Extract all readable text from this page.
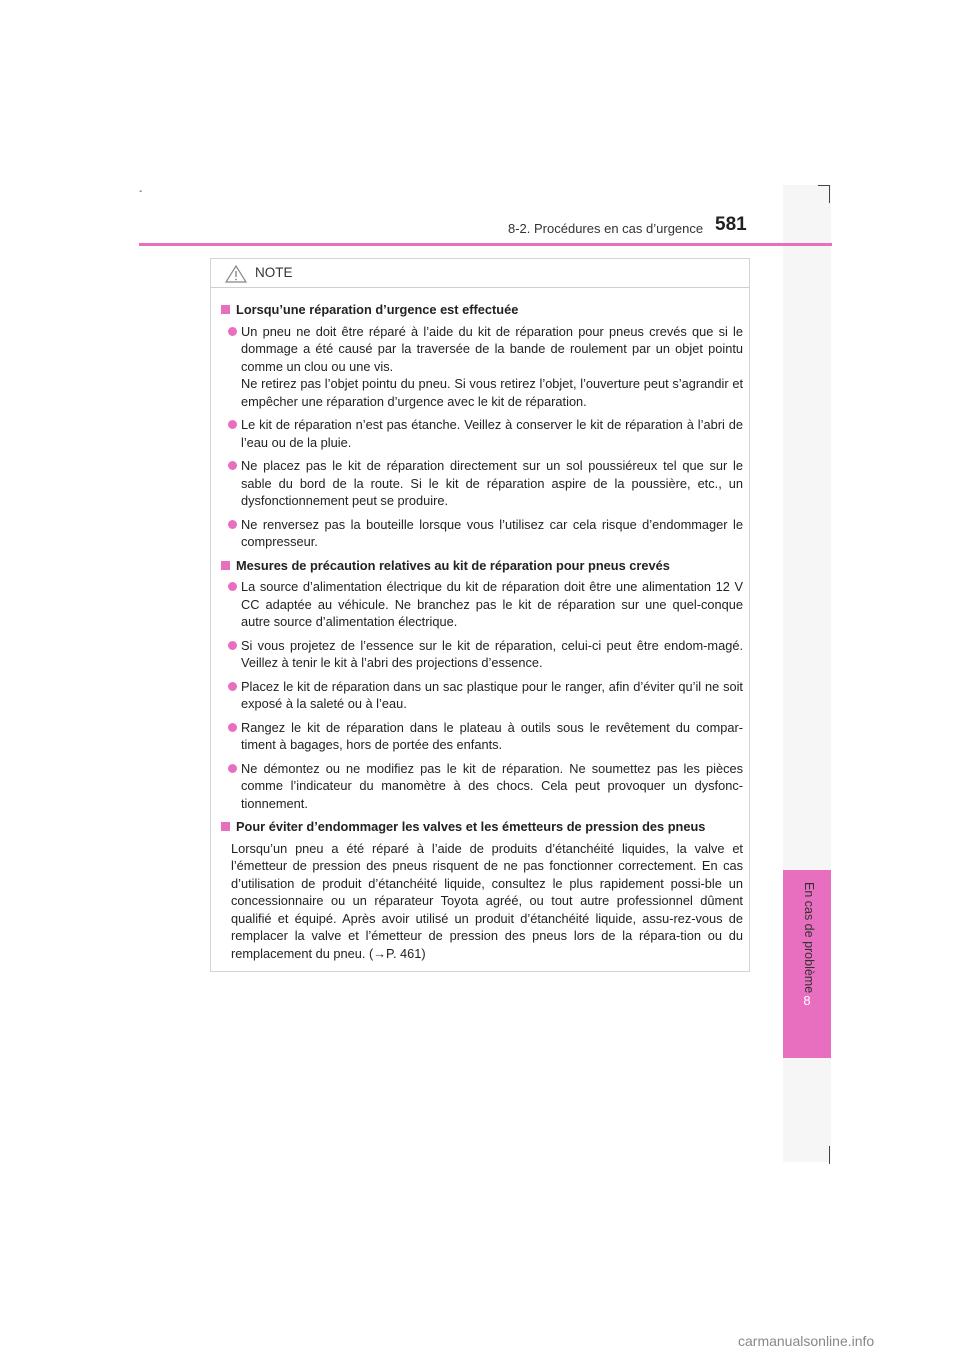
-
8
En cas de problème
8-2. Procédures en cas d’urgence 581
NOTE
Lorsqu’une réparation d’urgence est effectuée

Un pneu ne doit être réparé à l’aide du kit de réparation pour pneus crevés que si le dommage a été causé par la traversée de la bande de roulement par un objet pointu comme un clou ou une vis.

Ne retirez pas l’objet pointu du pneu. Si vous retirez l’objet, l’ouverture peut s’agrandir et empêcher une réparation d’urgence avec le kit de réparation.

Le kit de réparation n’est pas étanche. Veillez à conserver le kit de réparation à l’abri de l’eau ou de la pluie.

Ne placez pas le kit de réparation directement sur un sol poussiéreux tel que sur le sable du bord de la route. Si le kit de réparation aspire de la poussière, etc., un dysfonctionnement peut se produire.

Ne renversez pas la bouteille lorsque vous l’utilisez car cela risque d’endommager le compresseur.

Mesures de précaution relatives au kit de réparation pour pneus crevés

La source d’alimentation électrique du kit de réparation doit être une alimentation 12 V CC adaptée au véhicule. Ne branchez pas le kit de réparation sur une quel-conque autre source d’alimentation électrique.

Si vous projetez de l’essence sur le kit de réparation, celui-ci peut être endom-magé. Veillez à tenir le kit à l’abri des projections d’essence.

Placez le kit de réparation dans un sac plastique pour le ranger, afin d’éviter qu’il ne soit exposé à la saleté ou à l’eau.

Rangez le kit de réparation dans le plateau à outils sous le revêtement du compar-timent à bagages, hors de portée des enfants.

Ne démontez ou ne modifiez pas le kit de réparation. Ne soumettez pas les pièces comme l’indicateur du manomètre à des chocs. Cela peut provoquer un dysfonc-tionnement.

Pour éviter d’endommager les valves et les émetteurs de pression des pneus

Lorsqu’un pneu a été réparé à l’aide de produits d’étanchéité liquides, la valve et l’émetteur de pression des pneus risquent de ne pas fonctionner correctement. En cas d’utilisation de produit d’étanchéité liquide, consultez le plus rapidement possi-ble un concessionnaire ou un réparateur Toyota agréé, ou tout autre professionnel dûment qualifié et équipé. Après avoir utilisé un produit d’étanchéité liquide, assu-rez-vous de remplacer la valve et l’émetteur de pression des pneus lors de la répara-tion ou du remplacement du pneu. (→P. 461)

carmanualsonline.info
